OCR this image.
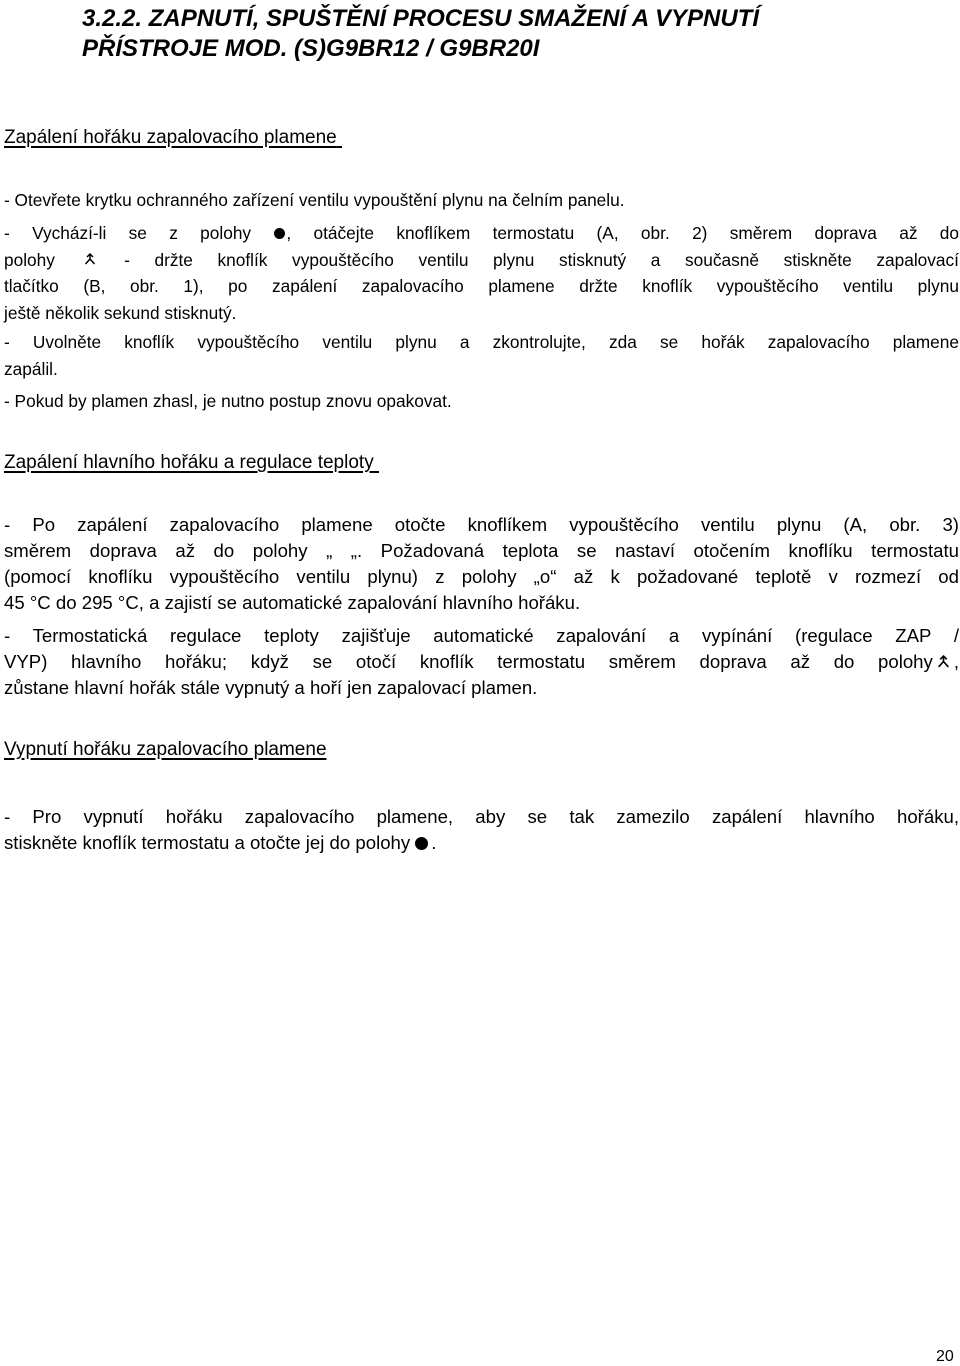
3.2.2. ZAPNUTÍ, SPUŠTĚNÍ PROCESU SMAŽENÍ A VYPNUTÍ
PŘÍSTROJE MOD. (S)G9BR12 / G9BR20I
Zapálení hořáku zapalovacího plamene
- Otevřete krytku ochranného zařízení ventilu vypouštění plynu na čelním panelu.
- Vychází-li se z polohy , otáčejte knoflíkem termostatu (A, obr. 2) směrem doprava až do
polohy
- držte knoflík vypouštěcího ventilu plynu stisknutý a současně stiskněte zapalovací
tlačítko (B, obr. 1), po zapálení zapalovacího plamene držte knoflík vypouštěcího ventilu plynu
ještě několik sekund stisknutý.
- Uvolněte knoflík vypouštěcího ventilu plynu a zkontrolujte, zda se hořák zapalovacího plamene
zapálil.
- Pokud by plamen zhasl, je nutno postup znovu opakovat.
Zapálení hlavního hořáku a regulace teploty
- Po zapálení zapalovacího plamene otočte knoflíkem vypouštěcího ventilu plynu (A, obr. 3)
směrem doprava až do polohy „ „. Požadovaná teplota se nastaví otočením knoflíku termostatu
(pomocí knoflíku vypouštěcího ventilu plynu) z polohy „o“ až k požadované teplotě v rozmezí od
45 °C do 295 °C, a zajistí se automatické zapalování hlavního hořáku.
- Termostatická regulace teploty zajišťuje automatické zapalování a vypínání (regulace ZAP /
VYP) hlavního hořáku; když se otočí knoflík termostatu směrem doprava až do polohy ,
zůstane hlavní hořák stále vypnutý a hoří jen zapalovací plamen.
Vypnutí hořáku zapalovacího plamene
- Pro vypnutí hořáku zapalovacího plamene, aby se tak zamezilo zapálení hlavního hořáku,
stiskněte knoflík termostatu a otočte jej do polohy .
20
